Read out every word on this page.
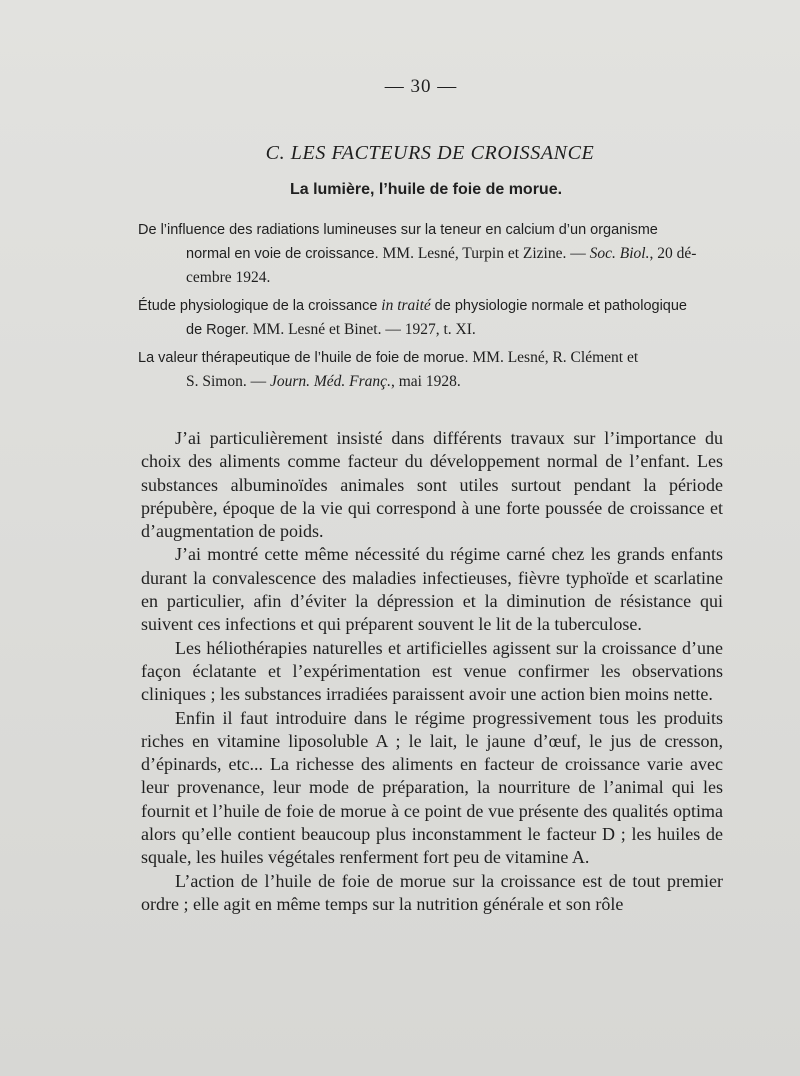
— 30 —
C. LES FACTEURS DE CROISSANCE
La lumière, l’huile de foie de morue.
De l’influence des radiations lumineuses sur la teneur en calcium d’un organisme
normal en voie de croissance. MM. Lesné, Turpin et Zizine. — Soc. Biol., 20 dé-
cembre 1924.
Étude physiologique de la croissance in traité de physiologie normale et pathologique
de Roger. MM. Lesné et Binet. — 1927, t. XI.
La valeur thérapeutique de l’huile de foie de morue. MM. Lesné, R. Clément et
S. Simon. — Journ. Méd. Franç., mai 1928.

J’ai particulièrement insisté dans différents travaux sur l’importance du choix des aliments comme facteur du développement normal de l’enfant. Les substances albuminoïdes animales sont utiles surtout pendant la période prépubère, époque de la vie qui correspond à une forte poussée de croissance et d’augmentation de poids.

J’ai montré cette même nécessité du régime carné chez les grands enfants durant la convalescence des maladies infectieuses, fièvre typhoïde et scarlatine en particulier, afin d’éviter la dépression et la diminution de résistance qui suivent ces infections et qui préparent souvent le lit de la tuberculose.

Les héliothérapies naturelles et artificielles agissent sur la croissance d’une façon éclatante et l’expérimentation est venue confirmer les observations cliniques ; les substances irradiées paraissent avoir une action bien moins nette.

Enfin il faut introduire dans le régime progressivement tous les produits riches en vitamine liposoluble A ; le lait, le jaune d’œuf, le jus de cresson, d’épinards, etc... La richesse des aliments en facteur de croissance varie avec leur provenance, leur mode de préparation, la nourriture de l’animal qui les fournit et l’huile de foie de morue à ce point de vue présente des qualités optima alors qu’elle contient beaucoup plus inconstamment le facteur D ; les huiles de squale, les huiles végétales renferment fort peu de vitamine A.

L’action de l’huile de foie de morue sur la croissance est de tout premier ordre ; elle agit en même temps sur la nutrition générale et son rôle
